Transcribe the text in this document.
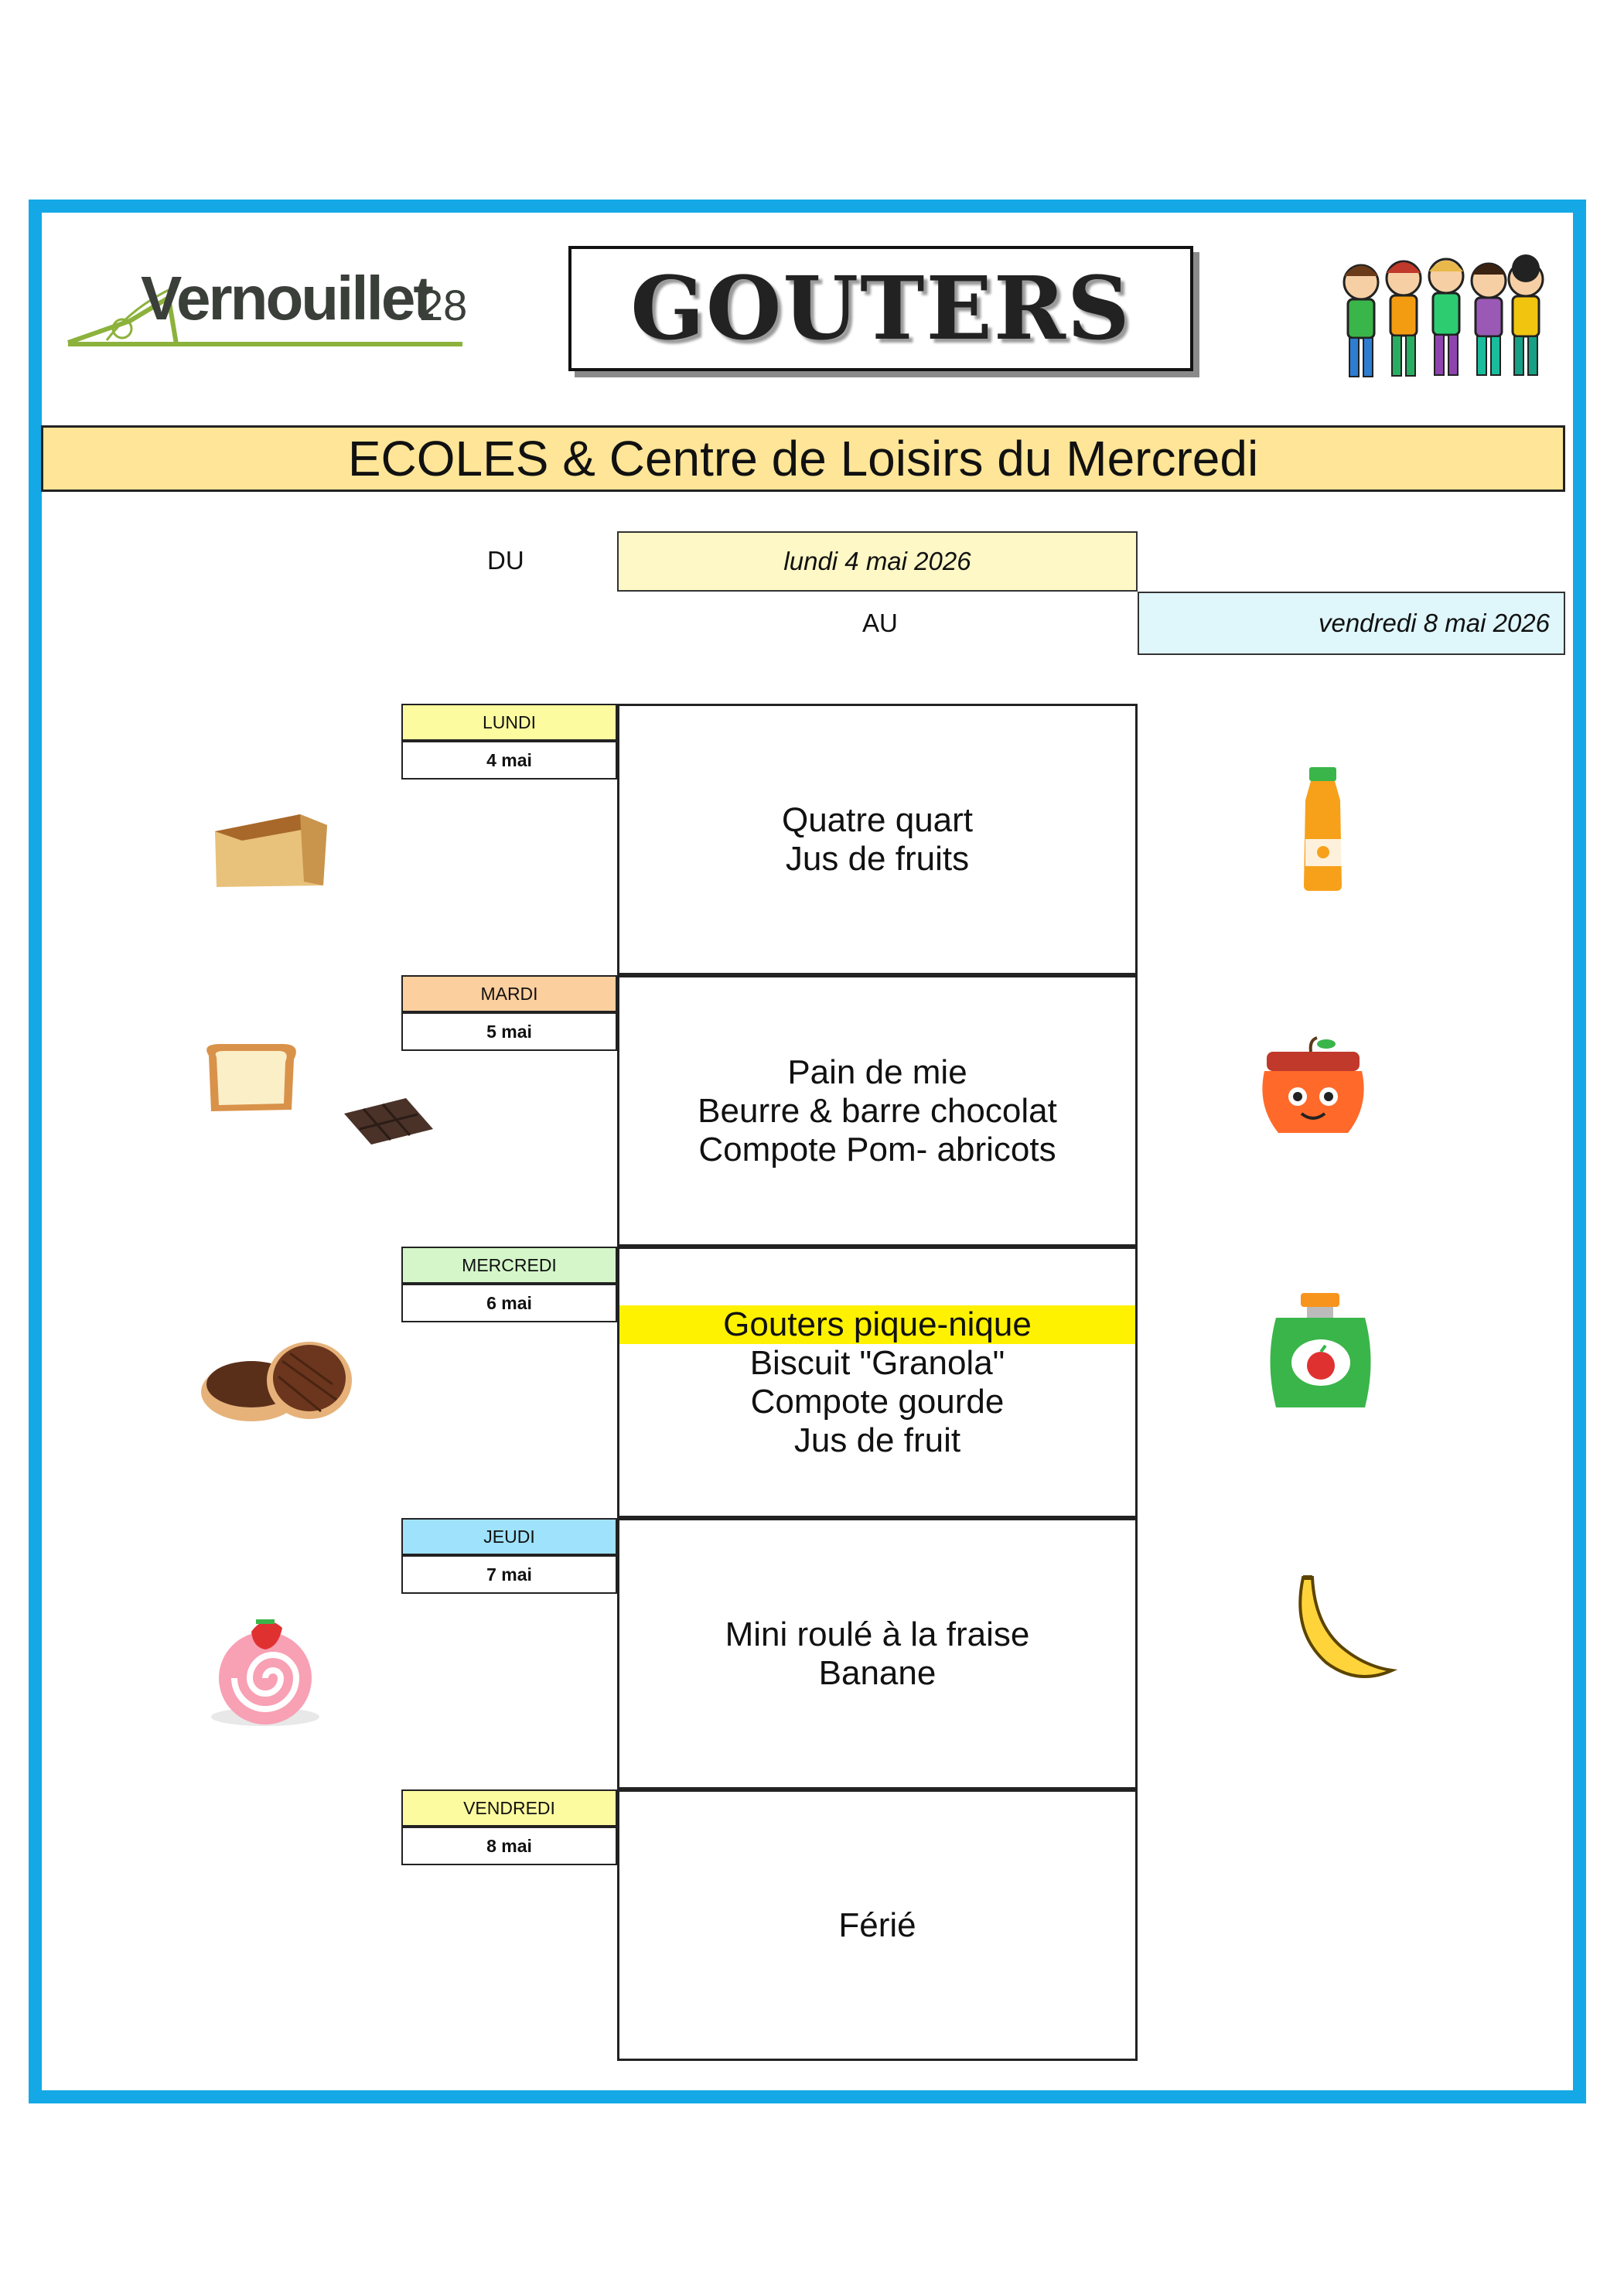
Vernouillet
28 GOUTERS
ECOLES & Centre de Loisirs du Mercredi
DU	lundi 4 mai 2026
AU	vendredi 8 mai 2026
LUNDI
4 mai
Quatre quart
Jus de fruits
MARDI
5 mai
Pain de mie
Beurre & barre chocolat
Compote Pom- abricots
MERCREDI
6 mai
Gouters pique-nique
Biscuit "Granola"
Compote gourde
Jus de fruit
JEUDI
7 mai
Mini roulé à la fraise
Banane
VENDREDI
8 mai
Férié
